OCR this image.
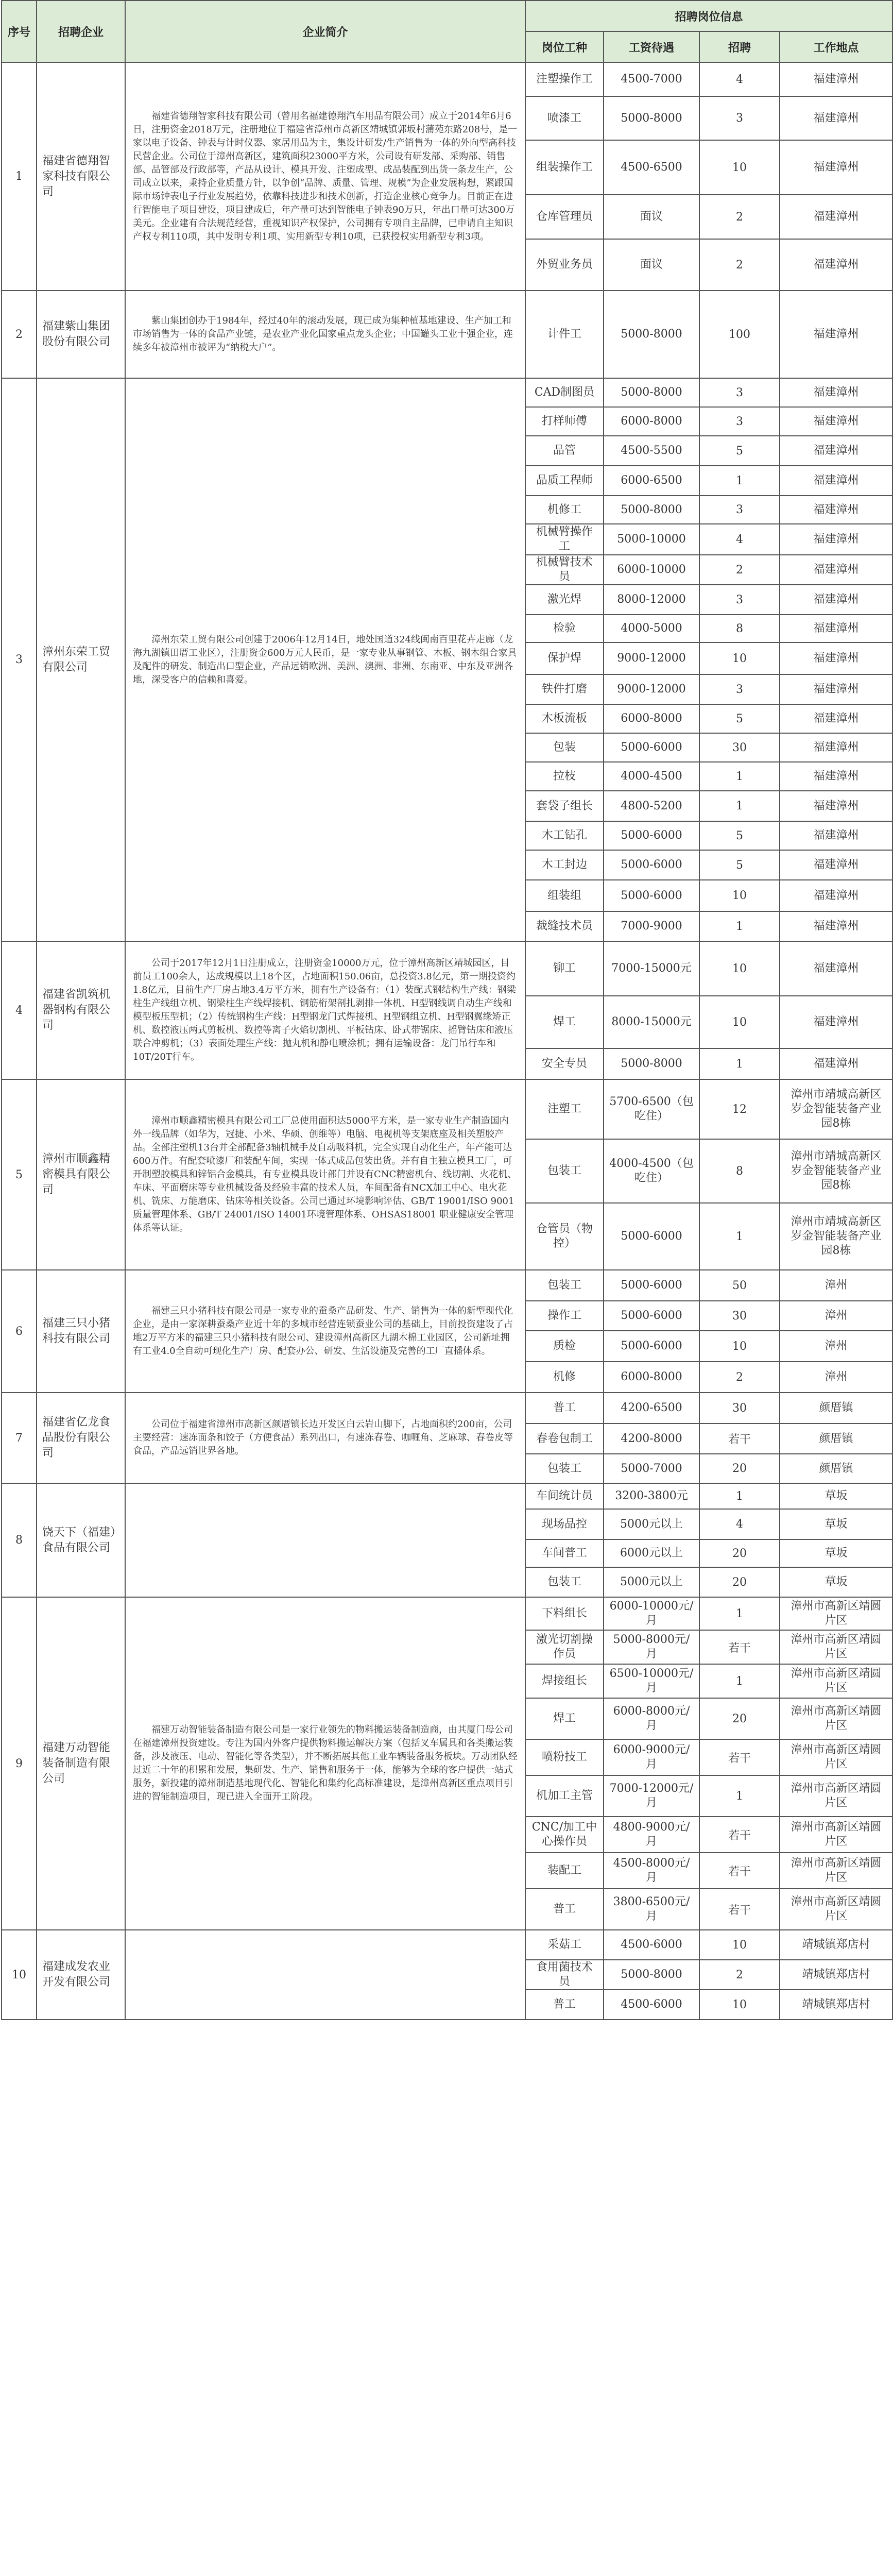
序号	招聘企业	企业简介	招聘岗位信息			
			岗位工种	工资待遇	招聘	工作地点
1	福建省德翔智家科技有限公司	福建省德翔智家科技有限公司（曾用名福建德翔汽车用品有限公司）成立于2014年6月6日，注册资金2018万元，注册地位于福建省漳州市高新区靖城镇郭坂村蒲苑东路208号，是一家以电子设备、钟表与计时仪器、家居用品为主，集设计研发/生产销售为一体的外向型高科技民营企业。公司位于漳州高新区，建筑面积23000平方米，公司设有研发部、采购部、销售部、品管部及行政部等，产品从设计、模具开发、注塑成型、成品装配到出货一条龙生产，公司成立以来，秉持企业质量方针，以争创“品牌、质量、管理、规模”为企业发展构想，紧跟国际市场钟表电子行业发展趋势，依靠科技进步和技术创新，打造企业核心竞争力。目前正在进行智能电子项目建设，项目建成后，年产量可达到智能电子钟表90万只，年出口量可达300万美元。企业建有合法规范经营，重视知识产权保护，公司拥有专项自主品牌，已申请自主知识产权专利110项，其中发明专利1项、实用新型专利10项，已获授权实用新型专利3项。	注塑操作工	4500-7000	4	福建漳州
			喷漆工	5000-8000	3	福建漳州
			组装操作工	4500-6500	10	福建漳州
			仓库管理员	面议	2	福建漳州
			外贸业务员	面议	2	福建漳州
2	福建紫山集团股份有限公司	紫山集团创办于1984年，经过40年的滚动发展，现已成为集种植基地建设、生产加工和市场销售为一体的食品产业链，是农业产业化国家重点龙头企业；中国罐头工业十强企业，连续多年被漳州市被评为“纳税大户”。	计件工	5000-8000	100	福建漳州
3	漳州东荣工贸有限公司	漳州东荣工贸有限公司创建于2006年12月14日，地处国道324线闽南百里花卉走廊（龙海九湖镇田厝工业区），注册资金600万元人民币，是一家专业从事钢管、木板、钢木组合家具及配件的研发、制造出口型企业，产品远销欧洲、美洲、澳洲、非洲、东南亚、中东及亚洲各地，深受客户的信赖和喜爱。	CAD制图员	5000-8000	3	福建漳州
			打样师傅	6000-8000	3	福建漳州
			品管	4500-5500	5	福建漳州
			品质工程师	6000-6500	1	福建漳州
			机修工	5000-8000	3	福建漳州
			机械臂操作工	5000-10000	4	福建漳州
			机械臂技术员	6000-10000	2	福建漳州
			激光焊	8000-12000	3	福建漳州
			检验	4000-5000	8	福建漳州
			保护焊	9000-12000	10	福建漳州
			铁件打磨	9000-12000	3	福建漳州
			木板流板	6000-8000	5	福建漳州
			包装	5000-6000	30	福建漳州
			拉枝	4000-4500	1	福建漳州
			套袋子组长	4800-5200	1	福建漳州
			木工钻孔	5000-6000	5	福建漳州
			木工封边	5000-6000	5	福建漳州
			组装组	5000-6000	10	福建漳州
			裁缝技术员	7000-9000	1	福建漳州
4	福建省凯筑机器钢构有限公司	公司于2017年12月1日注册成立，注册资金10000万元，位于漳州高新区靖城园区，目前员工100余人，达成规模以上18个区，占地面积150.06亩，总投资3.8亿元，第一期投资约1.8亿元，目前生产厂房占地3.4万平方米，拥有生产设备有：（1）装配式钢结构生产线：钢梁柱生产线组立机、钢梁柱生产线焊接机、钢筋桁架剖扎剥排一体机、H型钢线调自动生产线和模型板压型机；（2）传统钢构生产线：H型钢龙门式焊接机、H型钢组立机、H型钢翼缘矫正机、数控液压两式剪板机、数控等离子火焰切割机、平板钻床、卧式带锯床、摇臂钻床和液压联合冲剪机；（3）表面处理生产线：抛丸机和静电喷涂机；拥有运输设备：龙门吊行车和10T/20T行车。	铆工	7000-15000元	10	福建漳州
			焊工	8000-15000元	10	福建漳州
			安全专员	5000-8000	1	福建漳州
5	漳州市顺鑫精密模具有限公司	漳州市顺鑫精密模具有限公司工厂总使用面积达5000平方米，是一家专业生产制造国内外一线品牌（如华为，冠捷、小米、华硕、创维等）电脑、电视机等支架底座及相关塑胶产品。全部注塑机13台并全部配备3轴机械手及自动吸料机，完全实现自动化生产，年产能可达600万件。有配套喷漆厂和装配车间，实现一体式成品包装出货。并有自主独立模具工厂，可开制塑胶模具和锌铝合金模具，有专业模具设计部门并设有CNC精密机台、线切割、火花机、车床、平面磨床等专业机械设备及经验丰富的技术人员，车间配备有NCX加工中心、电火花机、铣床、万能磨床、钻床等相关设备。公司已通过环境影响评估、GB/T 19001/ISO 9001质量管理体系、GB/T 24001/ISO 14001环境管理体系、OHSAS18001 职业健康安全管理体系等认证。	注塑工	5700-6500（包吃住）	12	漳州市靖城高新区岁金智能装备产业园8栋
			包装工	4000-4500（包吃住）	8	漳州市靖城高新区岁金智能装备产业园8栋
			仓管员（物控）	5000-6000	1	漳州市靖城高新区岁金智能装备产业园8栋
6	福建三只小猪科技有限公司	福建三只小猪科技有限公司是一家专业的蚕桑产品研发、生产、销售为一体的新型现代化企业，是由一家深耕蚕桑产业近十年的多城市经营连锁蚕业公司的基础上，目前投资建设了占地2万平方米的福建三只小猪科技有限公司、建设漳州高新区九湖木棉工业园区，公司新址拥有工业4.0全自动可现化生产厂房、配套办公、研发、生活设施及完善的工厂直播体系。	包装工	5000-6000	50	漳州
			操作工	5000-6000	30	漳州
			质检	5000-6000	10	漳州
			机修	6000-8000	2	漳州
7	福建省亿龙食品股份有限公司	公司位于福建省漳州市高新区颜厝镇长边开发区白云岩山脚下，占地面积约200亩，公司主要经营：速冻面条和饺子（方便食品）系列出口，有速冻春卷、咖喱角、芝麻球、春卷皮等食品，产品远销世界各地。	普工	4200-6500	30	颜厝镇
			春卷包制工	4200-8000	若干	颜厝镇
			包装工	5000-7000	20	颜厝镇
8	饶天下（福建）食品有限公司		车间统计员	3200-3800元	1	草坂
			现场品控	5000元以上	4	草坂
			车间普工	6000元以上	20	草坂
			包装工	5000元以上	20	草坂
9	福建万动智能装备制造有限公司	福建万动智能装备制造有限公司是一家行业领先的物料搬运装备制造商，由其厦门母公司在福建漳州投资建设。专注为国内外客户提供物料搬运解决方案（包括叉车属具和各类搬运装备，涉及液压、电动、智能化等各类型），并不断拓展其他工业车辆装备服务板块。万动团队经过近二十年的积累和发展，集研发、生产、销售和服务于一体，能够为全球的客户提供一站式服务，新投建的漳州制造基地现代化、智能化和集约化高标准建设，是漳州高新区重点项目引进的智能制造项目，现已进入全面开工阶段。	下料组长	6000-10000元/月	1	漳州市高新区靖圆片区
			激光切割操作员	5000-8000元/月	若干	漳州市高新区靖圆片区
			焊接组长	6500-10000元/月	1	漳州市高新区靖圆片区
			焊工	6000-8000元/月	20	漳州市高新区靖圆片区
			喷粉技工	6000-9000元/月	若干	漳州市高新区靖圆片区
			机加工主管	7000-12000元/月	1	漳州市高新区靖圆片区
			CNC/加工中心操作员	4800-9000元/月	若干	漳州市高新区靖圆片区
			装配工	4500-8000元/月	若干	漳州市高新区靖圆片区
			普工	3800-6500元/月	若干	漳州市高新区靖圆片区
10	福建成发农业开发有限公司		采菇工	4500-6000	10	靖城镇郑店村
			食用菌技术员	5000-8000	2	靖城镇郑店村
			普工	4500-6000	10	靖城镇郑店村
